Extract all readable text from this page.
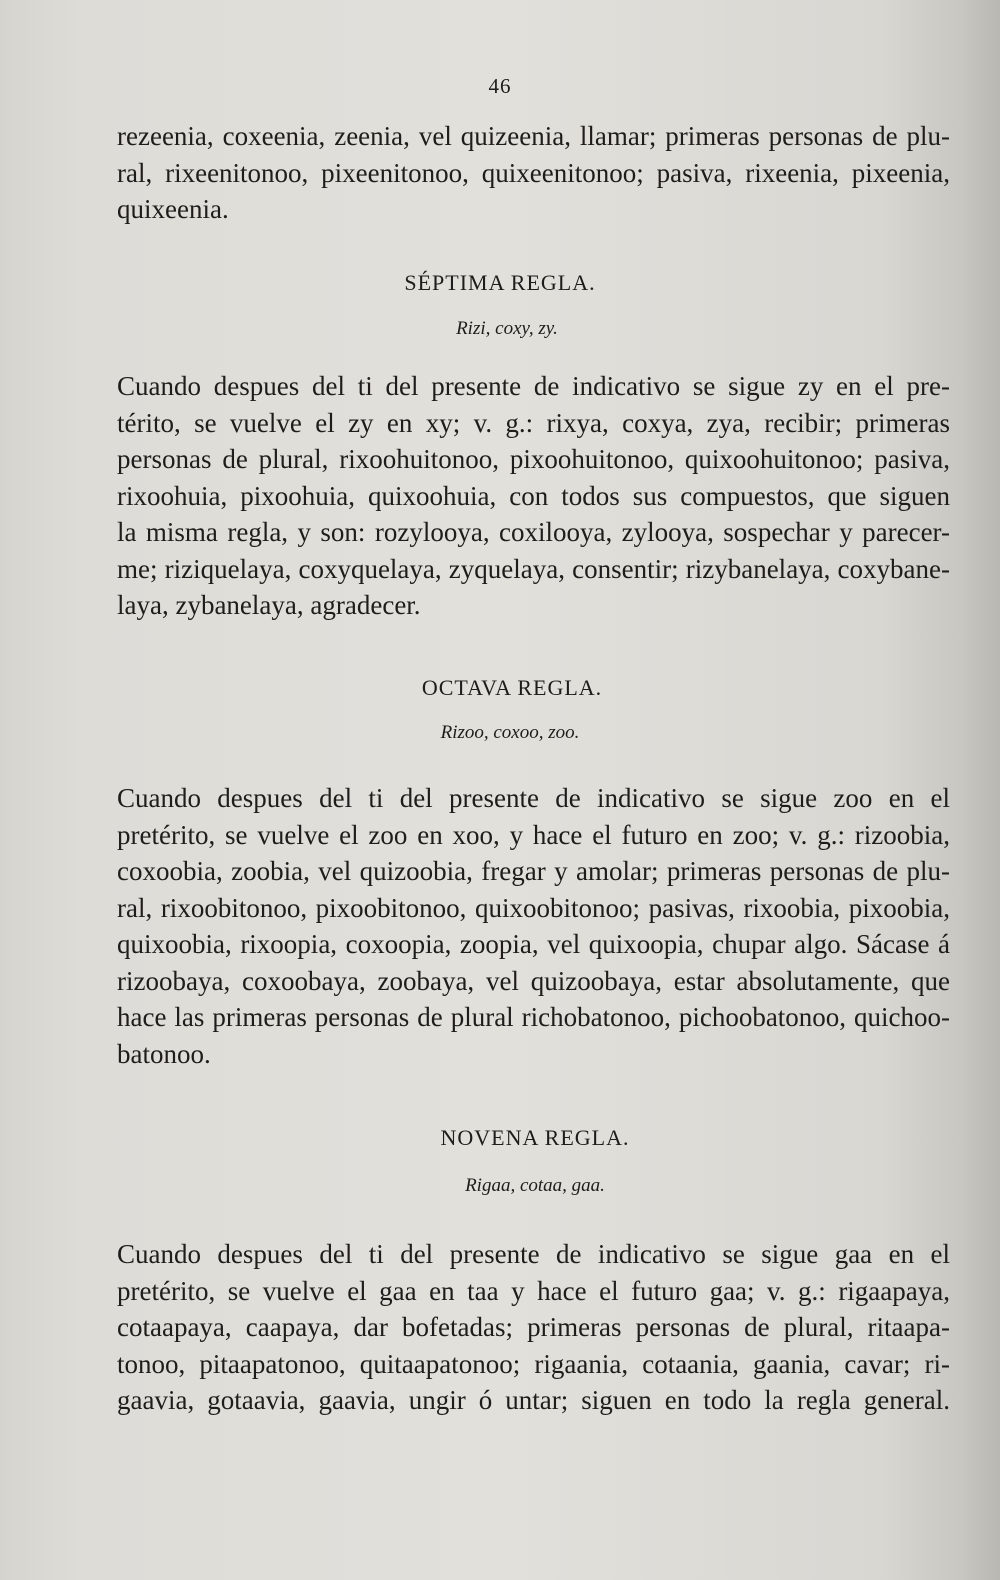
46

rezeenia, coxeenia, zeenia, vel quizeenia, llamar; primeras personas de plu-
ral, rixeenitonoo, pixeenitonoo, quixeenitonoo; pasiva, rixeenia, pixeenia,
quixeenia.

SÉPTIMA REGLA.
Rizi, coxy, zy.

Cuando despues del ti del presente de indicativo se sigue zy en el pre-
térito, se vuelve el zy en xy; v. g.: rixya, coxya, zya, recibir; primeras
personas de plural, rixoohuitonoo, pixoohuitonoo, quixoohuitonoo; pasiva,
rixoohuia, pixoohuia, quixoohuia, con todos sus compuestos, que siguen
la misma regla, y son: rozylooya, coxilooya, zylooya, sospechar y parecer-
me; riziquelaya, coxyquelaya, zyquelaya, consentir; rizybanelaya, coxybane-
laya, zybanelaya, agradecer.

OCTAVA REGLA.
Rizoo, coxoo, zoo.

Cuando despues del ti del presente de indicativo se sigue zoo en el
pretérito, se vuelve el zoo en xoo, y hace el futuro en zoo; v. g.: rizoobia,
coxoobia, zoobia, vel quizoobia, fregar y amolar; primeras personas de plu-
ral, rixoobitonoo, pixoobitonoo, quixoobitonoo; pasivas, rixoobia, pixoobia,
quixoobia, rixoopia, coxoopia, zoopia, vel quixoopia, chupar algo. Sácase á
rizoobaya, coxoobaya, zoobaya, vel quizoobaya, estar absolutamente, que
hace las primeras personas de plural richobatonoo, pichoobatonoo, quichoo-
batonoo.

NOVENA REGLA.
Rigaa, cotaa, gaa.

Cuando despues del ti del presente de indicativo se sigue gaa en el
pretérito, se vuelve el gaa en taa y hace el futuro gaa; v. g.: rigaapaya,
cotaapaya, caapaya, dar bofetadas; primeras personas de plural, ritaapa-
tonoo, pitaapatonoo, quitaapatonoo; rigaania, cotaania, gaania, cavar; ri-
gaavia, gotaavia, gaavia, ungir ó untar; siguen en todo la regla general.
